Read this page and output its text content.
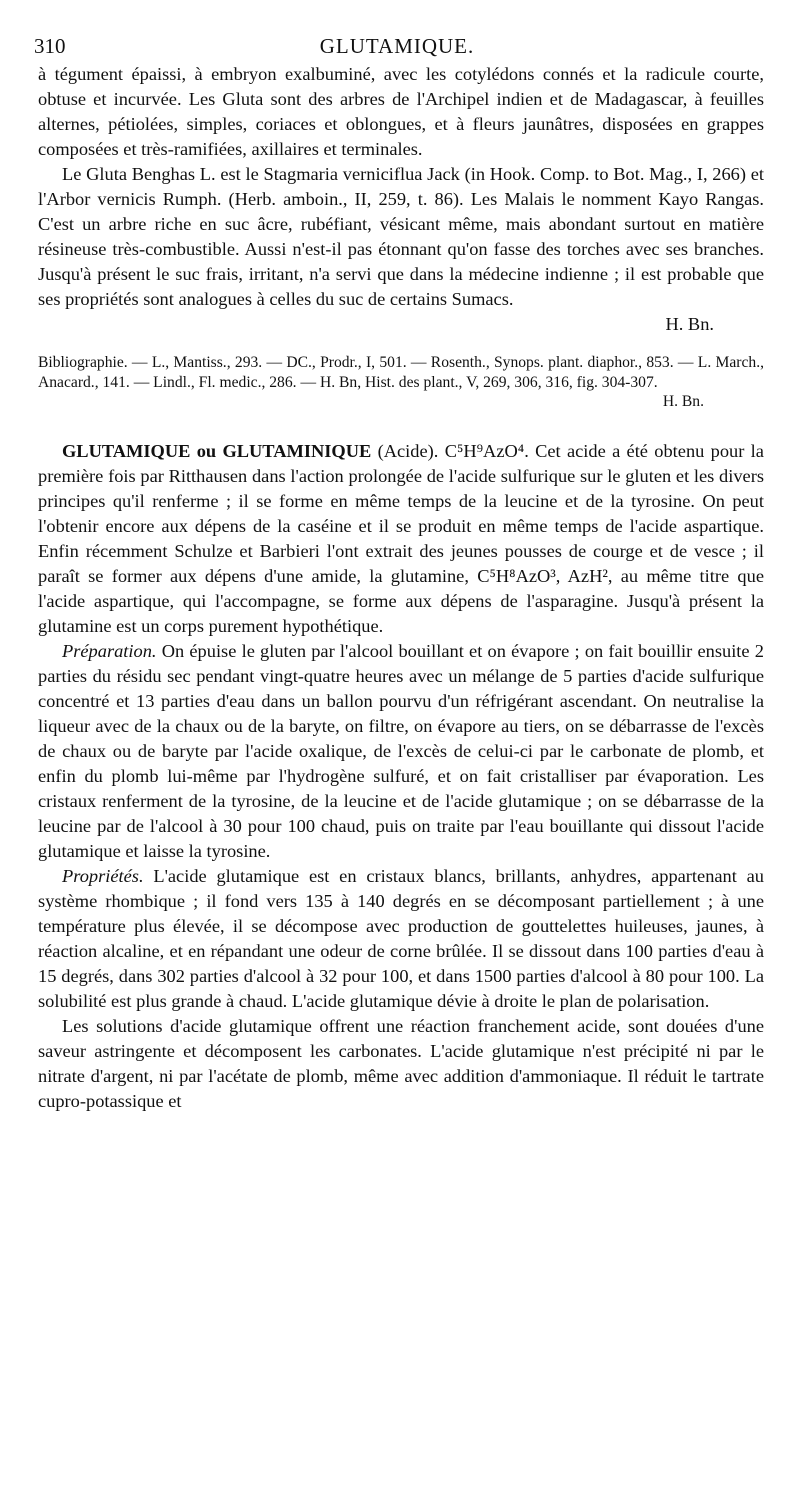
310	GLUTAMIQUE.

à tégument épaissi, à embryon exalbuminé, avec les cotylédons connés et la radicule courte, obtuse et incurvée. Les Gluta sont des arbres de l'Archipel indien et de Madagascar, à feuilles alternes, pétiolées, simples, coriaces et oblongues, et à fleurs jaunâtres, disposées en grappes composées et très-ramifiées, axillaires et terminales.

Le Gluta Benghas L. est le Stagmaria verniciflua Jack (in Hook. Comp. to Bot. Mag., I, 266) et l'Arbor vernicis Rumph. (Herb. amboin., II, 259, t. 86). Les Malais le nomment Kayo Rangas. C'est un arbre riche en suc âcre, rubéfiant, vésicant même, mais abondant surtout en matière résineuse très-combustible. Aussi n'est-il pas étonnant qu'on fasse des torches avec ses branches. Jusqu'à présent le suc frais, irritant, n'a servi que dans la médecine indienne ; il est probable que ses propriétés sont analogues à celles du suc de certains Sumacs.

H. Bn.

Bibliographie. — L., Mantiss., 293. — DC., Prodr., I, 501. — Rosenth., Synops. plant. diaphor., 853. — L. March., Anacard., 141. — Lindl., Fl. medic., 286. — H. Bn, Hist. des plant., V, 269, 306, 316, fig. 304-307.

H. Bn.

GLUTAMIQUE ou GLUTAMINIQUE (Acide). C⁵H⁹AzO⁴. Cet acide a été obtenu pour la première fois par Ritthausen dans l'action prolongée de l'acide sulfurique sur le gluten et les divers principes qu'il renferme ; il se forme en même temps de la leucine et de la tyrosine. On peut l'obtenir encore aux dépens de la caséine et il se produit en même temps de l'acide aspartique. Enfin récemment Schulze et Barbieri l'ont extrait des jeunes pousses de courge et de vesce ; il paraît se former aux dépens d'une amide, la glutamine, C⁵H⁸AzO³, AzH², au même titre que l'acide aspartique, qui l'accompagne, se forme aux dépens de l'asparagine. Jusqu'à présent la glutamine est un corps purement hypothétique.

Préparation. On épuise le gluten par l'alcool bouillant et on évapore ; on fait bouillir ensuite 2 parties du résidu sec pendant vingt-quatre heures avec un mélange de 5 parties d'acide sulfurique concentré et 13 parties d'eau dans un ballon pourvu d'un réfrigérant ascendant. On neutralise la liqueur avec de la chaux ou de la baryte, on filtre, on évapore au tiers, on se débarrasse de l'excès de chaux ou de baryte par l'acide oxalique, de l'excès de celui-ci par le carbonate de plomb, et enfin du plomb lui-même par l'hydrogène sulfuré, et on fait cristalliser par évaporation. Les cristaux renferment de la tyrosine, de la leucine et de l'acide glutamique ; on se débarrasse de la leucine par de l'alcool à 30 pour 100 chaud, puis on traite par l'eau bouillante qui dissout l'acide glutamique et laisse la tyrosine.

Propriétés. L'acide glutamique est en cristaux blancs, brillants, anhydres, appartenant au système rhombique ; il fond vers 135 à 140 degrés en se décomposant partiellement ; à une température plus élevée, il se décompose avec production de gouttelettes huileuses, jaunes, à réaction alcaline, et en répandant une odeur de corne brûlée. Il se dissout dans 100 parties d'eau à 15 degrés, dans 302 parties d'alcool à 32 pour 100, et dans 1500 parties d'alcool à 80 pour 100. La solubilité est plus grande à chaud. L'acide glutamique dévie à droite le plan de polarisation.

Les solutions d'acide glutamique offrent une réaction franchement acide, sont douées d'une saveur astringente et décomposent les carbonates. L'acide glutamique n'est précipité ni par le nitrate d'argent, ni par l'acétate de plomb, même avec addition d'ammoniaque. Il réduit le tartrate cupro-potassique et
